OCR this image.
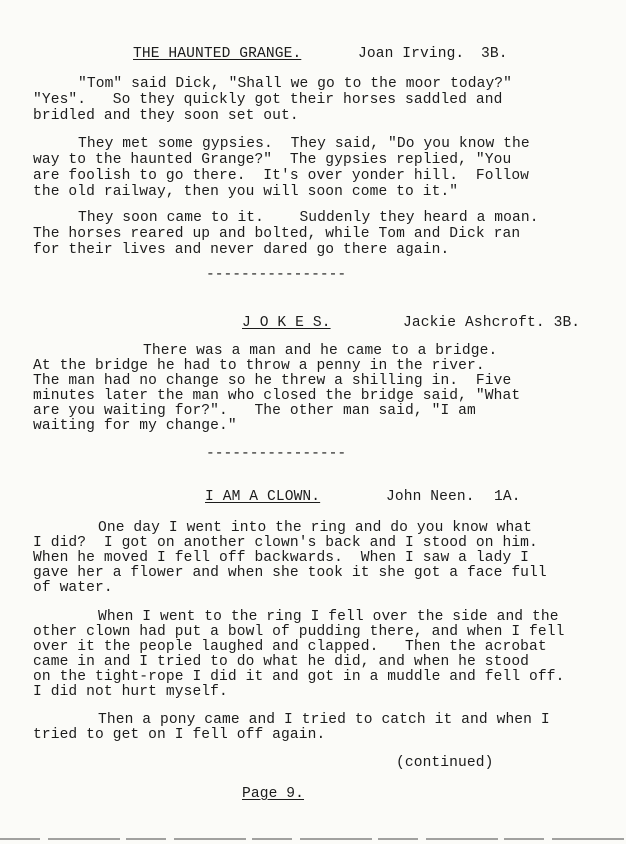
THE HAUNTED GRANGE.	Joan Irving. 3B.
"Tom" said Dick, "Shall we go to the moor today?"
"Yes".   So they quickly got their horses saddled and
bridled and they soon set out.
They met some gypsies.  They said, "Do you know the
way to the haunted Grange?"  The gypsies replied, "You
are foolish to go there.  It's over yonder hill.  Follow
the old railway, then you will soon come to it."
They soon came to it.    Suddenly they heard a moan.
The horses reared up and bolted, while Tom and Dick ran
for their lives and never dared go there again.
----------------
J O K E S.	Jackie Ashcroft. 3B.
There was a man and he came to a bridge.
At the bridge he had to throw a penny in the river.
The man had no change so he threw a shilling in.  Five
minutes later the man who closed the bridge said, "What
are you waiting for?".   The other man said, "I am
waiting for my change."
----------------
I AM A CLOWN.	John Neen. 1A.
One day I went into the ring and do you know what
I did?  I got on another clown's back and I stood on him.
When he moved I fell off backwards.  When I saw a lady I
gave her a flower and when she took it she got a face full
of water.
When I went to the ring I fell over the side and the
other clown had put a bowl of pudding there, and when I fell
over it the people laughed and clapped.   Then the acrobat
came in and I tried to do what he did, and when he stood
on the tight-rope I did it and got in a muddle and fell off.
I did not hurt myself.
Then a pony came and I tried to catch it and when I
tried to get on I fell off again.
(continued)
Page 9.
